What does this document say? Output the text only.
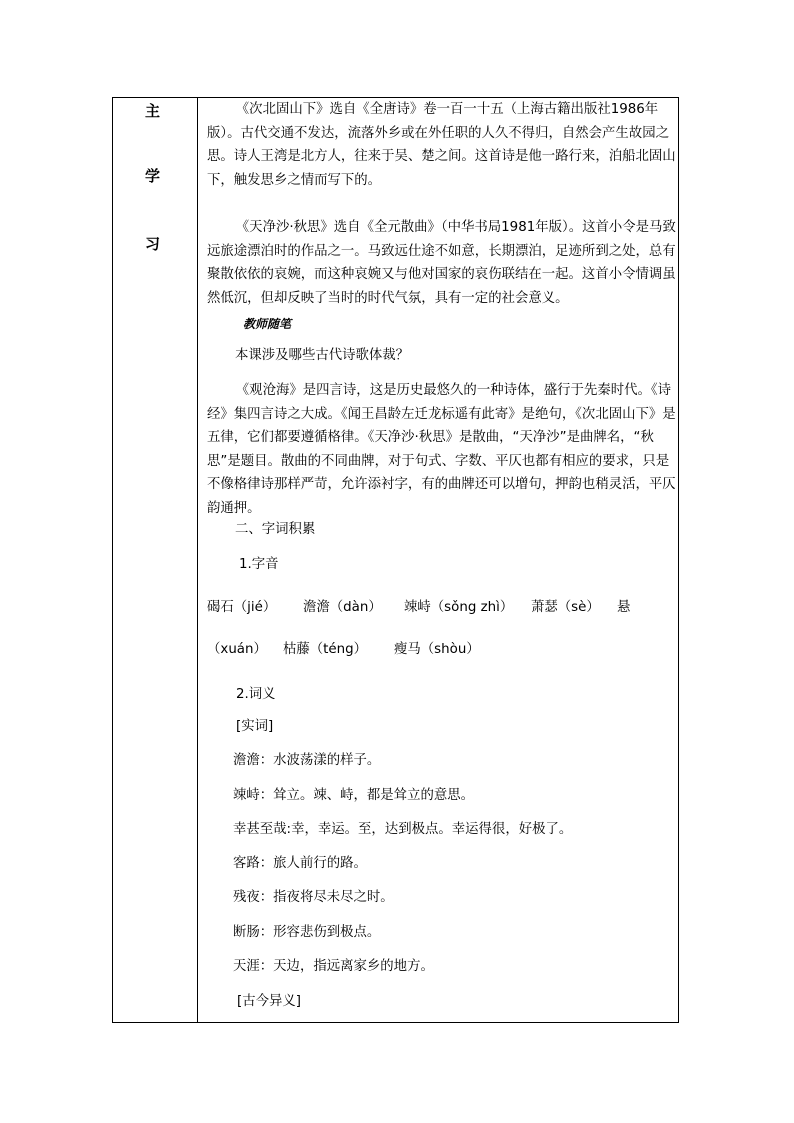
主
学
习
《次北固山下》选自《全唐诗》卷一百一十五（上海古籍出版社1986年版）。古代交通不发达，流落外乡或在外任职的人久不得归，自然会产生故园之思。诗人王湾是北方人，往来于吴、楚之间。这首诗是他一路行来，泊船北固山下，触发思乡之情而写下的。
《天净沙·秋思》选自《全元散曲》（中华书局1981年版）。这首小令是马致远旅途漂泊时的作品之一。马致远仕途不如意，长期漂泊，足迹所到之处，总有聚散依依的哀婉，而这种哀婉又与他对国家的哀伤联结在一起。这首小令情调虽然低沉，但却反映了当时的时代气氛，具有一定的社会意义。
教师随笔
本课涉及哪些古代诗歌体裁？
《观沧海》是四言诗，这是历史最悠久的一种诗体，盛行于先秦时代。《诗经》集四言诗之大成。《闻王昌龄左迁龙标遥有此寄》是绝句，《次北固山下》是五律，它们都要遵循格律。《天净沙·秋思》是散曲，“天净沙”是曲牌名，“秋思”是题目。散曲的不同曲牌，对于句式、字数、平仄也都有相应的要求，只是不像格律诗那样严苛，允许添衬字，有的曲牌还可以增句，押韵也稍灵活，平仄韵通押。
二、字词积累
1.字音
碣石（jié） 澹澹（dàn） 竦峙（sǒng zhì） 萧瑟（sè） 悬
（xuán） 枯藤（téng） 瘦马（shòu）
2.词义
[实词]
澹澹：水波荡漾的样子。
竦峙：耸立。竦、峙，都是耸立的意思。
幸甚至哉:幸，幸运。至，达到极点。幸运得很，好极了。
客路：旅人前行的路。
残夜：指夜将尽未尽之时。
断肠：形容悲伤到极点。
天涯：天边，指远离家乡的地方。
[古今异义]
